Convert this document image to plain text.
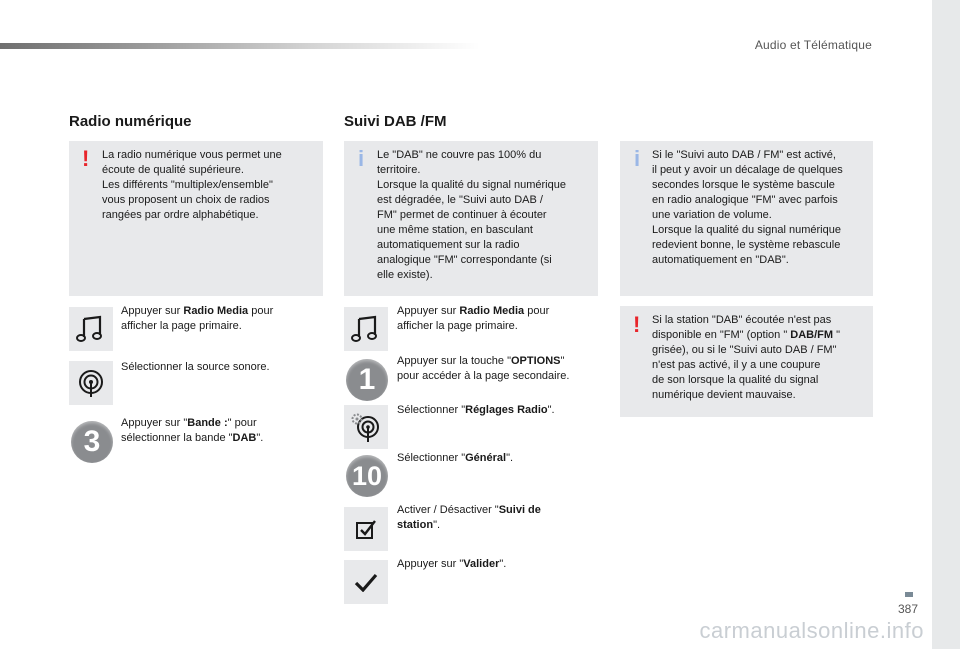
Audio et Télématique
Radio numérique
! La radio numérique vous permet une
écoute de qualité supérieure.
Les différents "multiplex/ensemble"
vous proposent un choix de radios
rangées par ordre alphabétique.

Appuyer sur Radio Media pour
afficher la page primaire.

Sélectionner la source sonore.

3

Appuyer sur "Bande :" pour
sélectionner la bande "DAB".

Suivi DAB /FM
i Le "DAB" ne couvre pas 100% du
territoire.
Lorsque la qualité du signal numérique
est dégradée, le "Suivi auto DAB /
FM" permet de continuer à écouter
une même station, en basculant
automatiquement sur la radio
analogique "FM" correspondante (si
elle existe).

Appuyer sur Radio Media pour
afficher la page primaire.

1

Appuyer sur la touche "OPTIONS"
pour accéder à la page secondaire.

Sélectionner "Réglages Radio".

10

Sélectionner "Général".

Activer / Désactiver "Suivi de
station".

Appuyer sur "Valider".

i Si le "Suivi auto DAB / FM" est activé,
il peut y avoir un décalage de quelques
secondes lorsque le système bascule
en radio analogique "FM" avec parfois
une variation de volume.
Lorsque la qualité du signal numérique
redevient bonne, le système rebascule
automatiquement en "DAB".

! Si la station "DAB" écoutée n'est pas
disponible en "FM" (option " DAB/FM "
grisée), ou si le "Suivi auto DAB / FM"
n'est pas activé, il y a une coupure
de son lorsque la qualité du signal
numérique devient mauvaise.

387
carmanualsonline.info
